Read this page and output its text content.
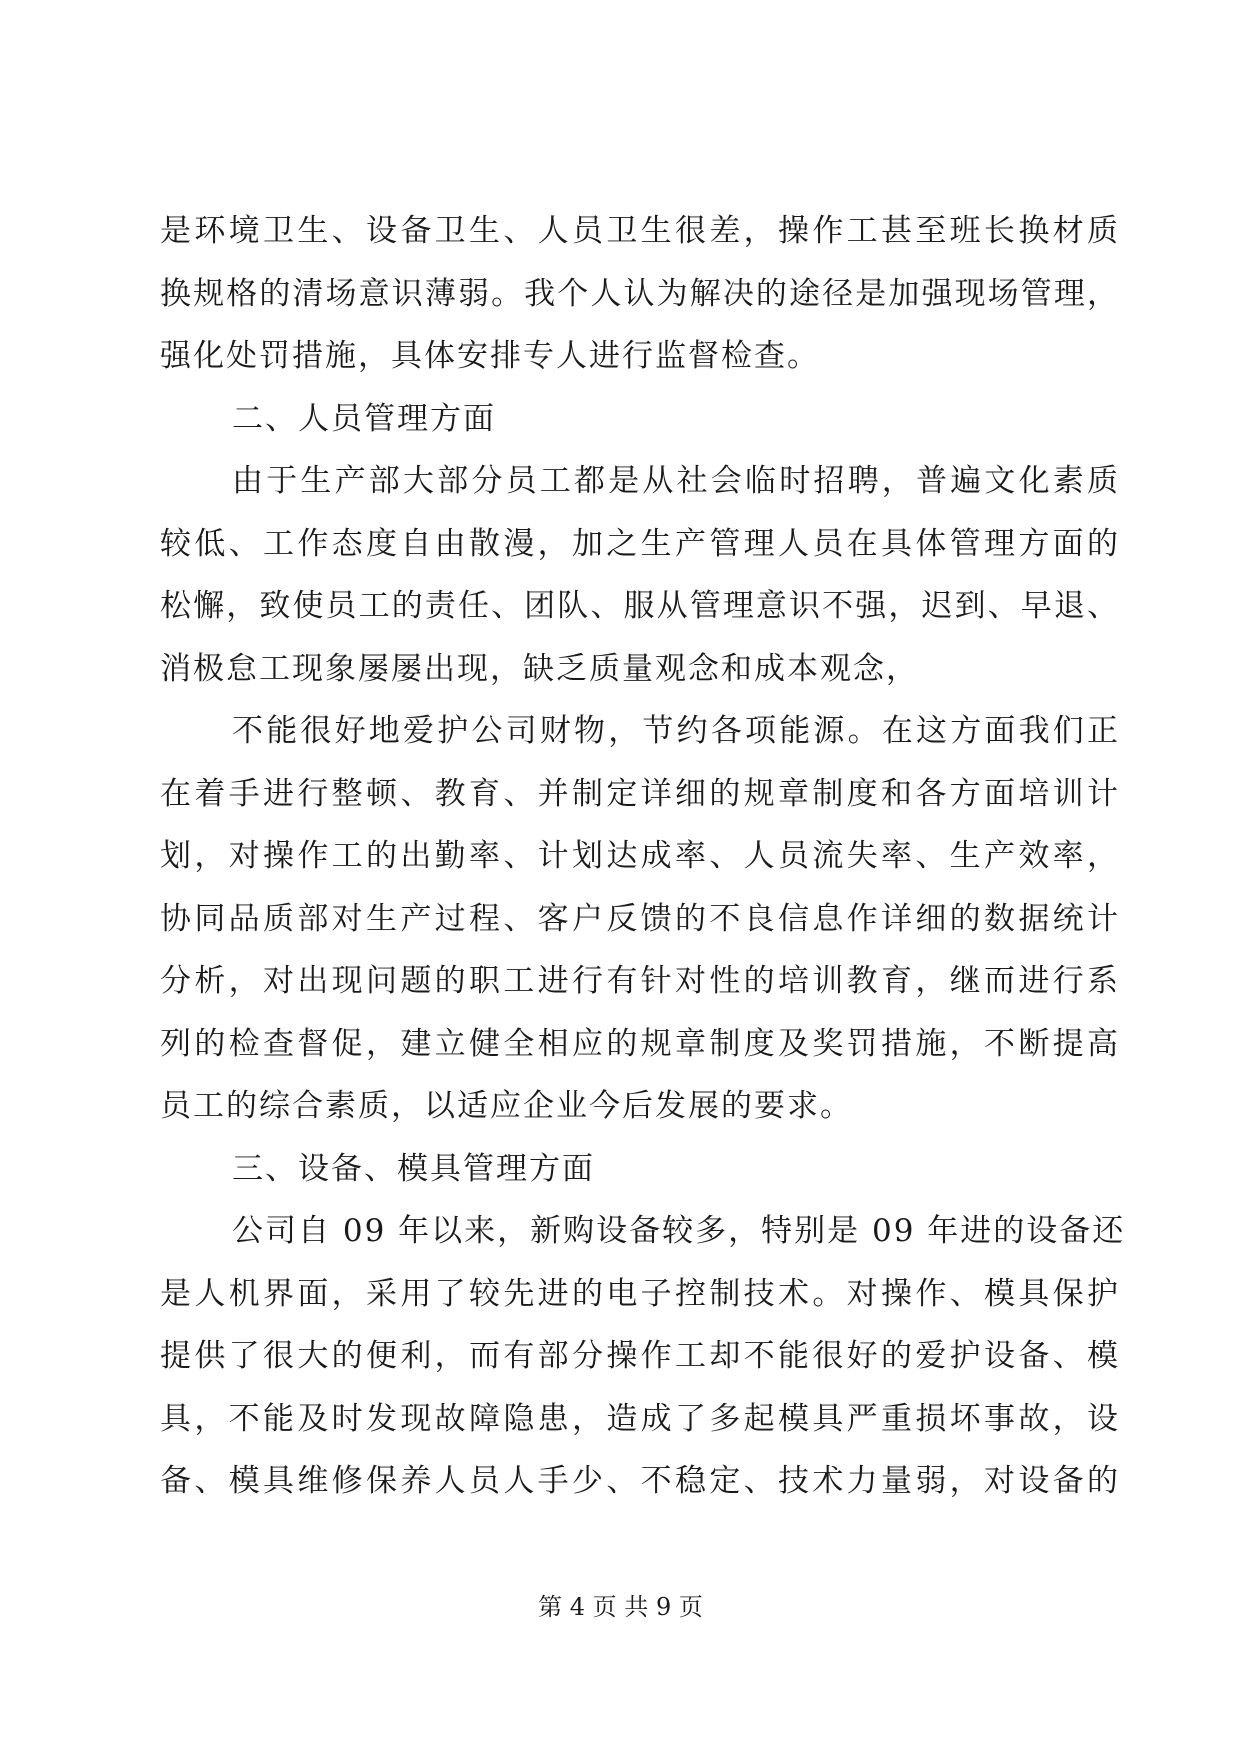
是环境卫生、设备卫生、人员卫生很差，操作工甚至班长换材质
换规格的清场意识薄弱。我个人认为解决的途径是加强现场管理，
强化处罚措施，具体安排专人进行监督检查。
二、人员管理方面
由于生产部大部分员工都是从社会临时招聘，普遍文化素质
较低、工作态度自由散漫，加之生产管理人员在具体管理方面的
松懈，致使员工的责任、团队、服从管理意识不强，迟到、早退、
消极怠工现象屡屡出现，缺乏质量观念和成本观念，
不能很好地爱护公司财物，节约各项能源。在这方面我们正
在着手进行整顿、教育、并制定详细的规章制度和各方面培训计
划，对操作工的出勤率、计划达成率、人员流失率、生产效率，
协同品质部对生产过程、客户反馈的不良信息作详细的数据统计
分析，对出现问题的职工进行有针对性的培训教育，继而进行系
列的检查督促，建立健全相应的规章制度及奖罚措施，不断提高
员工的综合素质，以适应企业今后发展的要求。
三、设备、模具管理方面
公司自 09 年以来，新购设备较多，特别是 09 年进的设备还
是人机界面，采用了较先进的电子控制技术。对操作、模具保护
提供了很大的便利，而有部分操作工却不能很好的爱护设备、模
具，不能及时发现故障隐患，造成了多起模具严重损坏事故，设
备、模具维修保养人员人手少、不稳定、技术力量弱，对设备的
第 4 页 共 9 页
